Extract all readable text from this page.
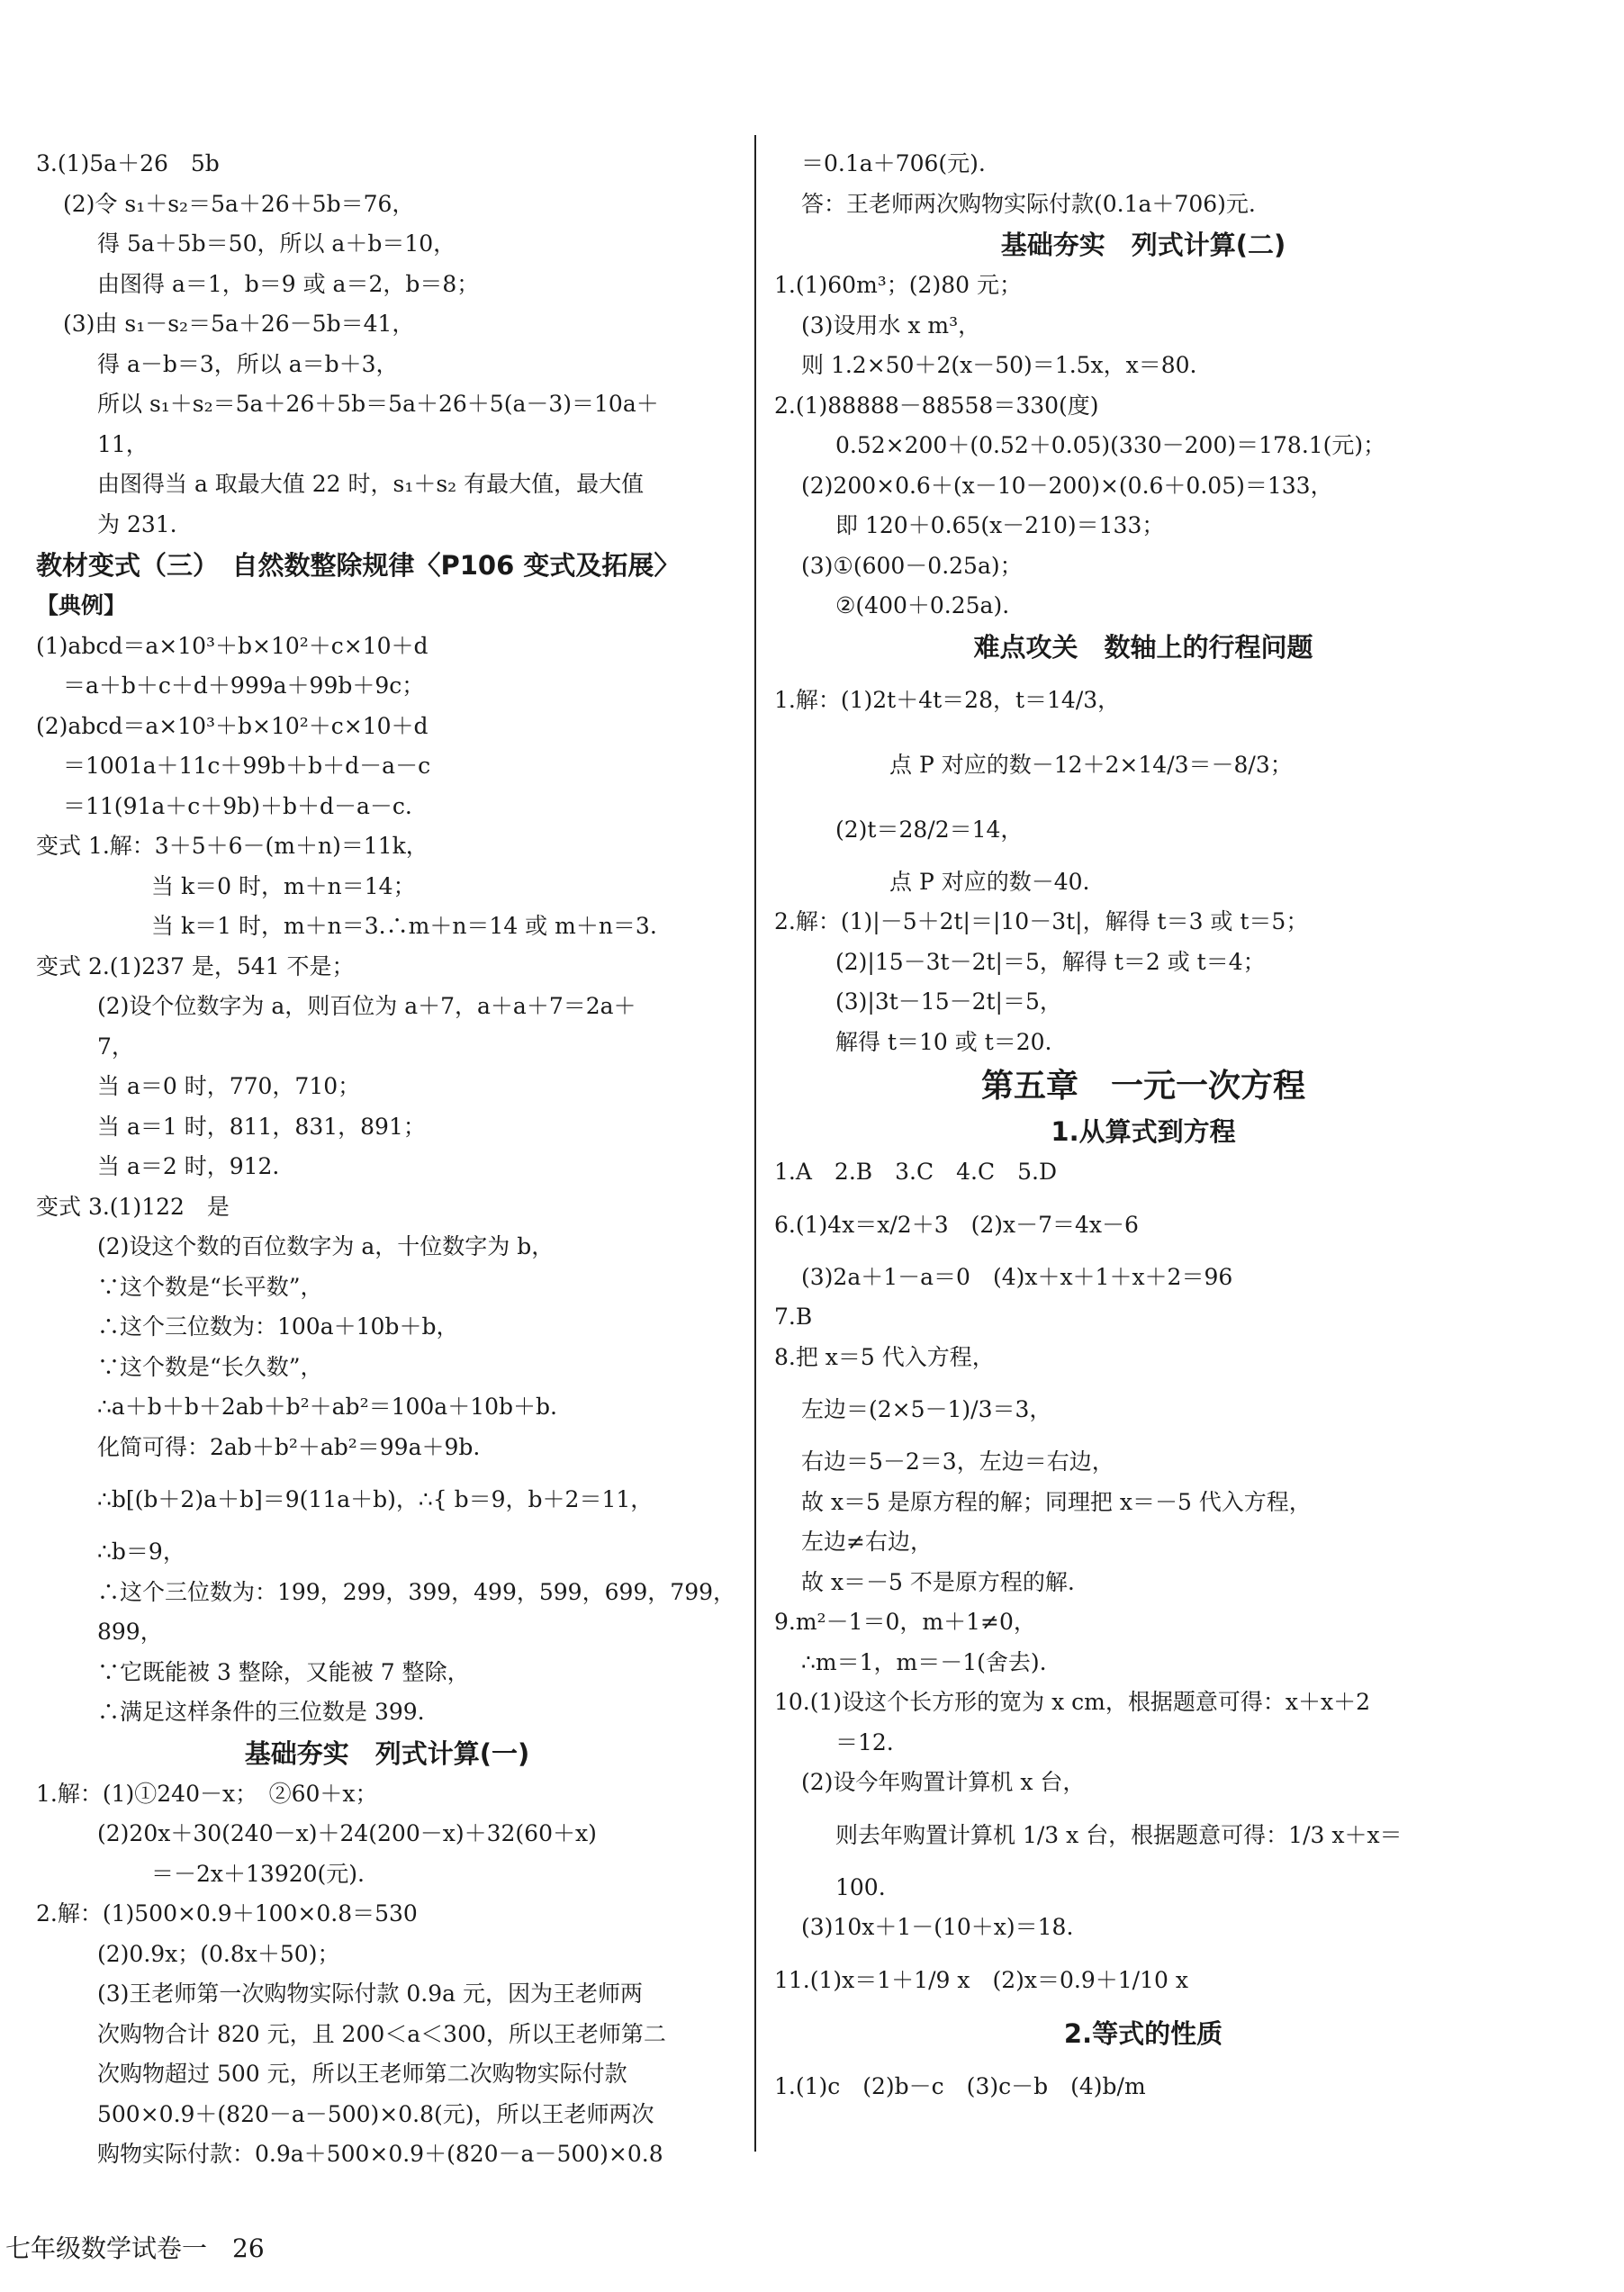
3.(1)5a＋26　5b
(2)令 s₁＋s₂＝5a＋26＋5b＝76，
得 5a＋5b＝50，所以 a＋b＝10，
由图得 a＝1，b＝9 或 a＝2，b＝8；
(3)由 s₁－s₂＝5a＋26－5b＝41，
得 a－b＝3，所以 a＝b＋3，
所以 s₁＋s₂＝5a＋26＋5b＝5a＋26＋5(a－3)＝10a＋
11，
由图得当 a 取最大值 22 时，s₁＋s₂ 有最大值，最大值
为 231.
教材变式（三）　自然数整除规律〈P106 变式及拓展〉
【典例】
(1)abcd＝a×10³＋b×10²＋c×10＋d
＝a＋b＋c＋d＋999a＋99b＋9c；
(2)abcd＝a×10³＋b×10²＋c×10＋d
＝1001a＋11c＋99b＋b＋d－a－c
＝11(91a＋c＋9b)＋b＋d－a－c.
变式 1.解：3＋5＋6－(m＋n)＝11k，
当 k＝0 时，m＋n＝14；
当 k＝1 时，m＋n＝3.∴m＋n＝14 或 m＋n＝3.
变式 2.(1)237 是，541 不是；
(2)设个位数字为 a，则百位为 a＋7，a＋a＋7＝2a＋
7，
当 a＝0 时，770，710；
当 a＝1 时，811，831，891；
当 a＝2 时，912.
变式 3.(1)122　是
(2)设这个数的百位数字为 a，十位数字为 b，
∵这个数是“长平数”，
∴这个三位数为：100a＋10b＋b，
∵这个数是“长久数”，
∴a＋b＋b＋2ab＋b²＋ab²＝100a＋10b＋b.
化简可得：2ab＋b²＋ab²＝99a＋9b.
∴b[(b＋2)a＋b]＝9(11a＋b)，∴{ b＝9，b＋2＝11，
∴b＝9，
∴这个三位数为：199，299，399，499，599，699，799，
899，
∵它既能被 3 整除，又能被 7 整除，
∴满足这样条件的三位数是 399.
基础夯实　列式计算(一)
1.解：(1)①240－x；　②60＋x；
(2)20x＋30(240－x)＋24(200－x)＋32(60＋x)
＝－2x＋13920(元).
2.解：(1)500×0.9＋100×0.8＝530
(2)0.9x；(0.8x＋50)；
(3)王老师第一次购物实际付款 0.9a 元，因为王老师两
次购物合计 820 元，且 200＜a＜300，所以王老师第二
次购物超过 500 元，所以王老师第二次购物实际付款
500×0.9＋(820－a－500)×0.8(元)，所以王老师两次
购物实际付款：0.9a＋500×0.9＋(820－a－500)×0.8
＝0.1a＋706(元).
答：王老师两次购物实际付款(0.1a＋706)元.
基础夯实　列式计算(二)
1.(1)60m³；(2)80 元；
(3)设用水 x m³，
则 1.2×50＋2(x－50)＝1.5x，x＝80.
2.(1)88888－88558＝330(度)
0.52×200＋(0.52＋0.05)(330－200)＝178.1(元)；
(2)200×0.6＋(x－10－200)×(0.6＋0.05)＝133，
即 120＋0.65(x－210)＝133；
(3)①(600－0.25a)；
②(400＋0.25a).
难点攻关　数轴上的行程问题
1.解：(1)2t＋4t＝28，t＝14/3，
点 P 对应的数－12＋2×14/3＝－8/3；
(2)t＝28/2＝14，
点 P 对应的数－40.
2.解：(1)|－5＋2t|＝|10－3t|，解得 t＝3 或 t＝5；
(2)|15－3t－2t|＝5，解得 t＝2 或 t＝4；
(3)|3t－15－2t|＝5，
解得 t＝10 或 t＝20.
第五章　一元一次方程
1.从算式到方程
1.A　2.B　3.C　4.C　5.D
6.(1)4x＝x/2＋3　(2)x－7＝4x－6
(3)2a＋1－a＝0　(4)x＋x＋1＋x＋2＝96
7.B
8.把 x＝5 代入方程，
左边＝(2×5－1)/3＝3，
右边＝5－2＝3，左边＝右边，
故 x＝5 是原方程的解；同理把 x＝－5 代入方程，
左边≠右边，
故 x＝－5 不是原方程的解.
9.m²－1＝0，m＋1≠0，
∴m＝1，m＝－1(舍去).
10.(1)设这个长方形的宽为 x cm，根据题意可得：x＋x＋2
＝12.
(2)设今年购置计算机 x 台，
则去年购置计算机 1/3 x 台，根据题意可得：1/3 x＋x＝
100.
(3)10x＋1－(10＋x)＝18.
11.(1)x＝1＋1/9 x　(2)x＝0.9＋1/10 x
2.等式的性质
1.(1)c　(2)b－c　(3)c－b　(4)b/m
七年级数学试卷一　26
